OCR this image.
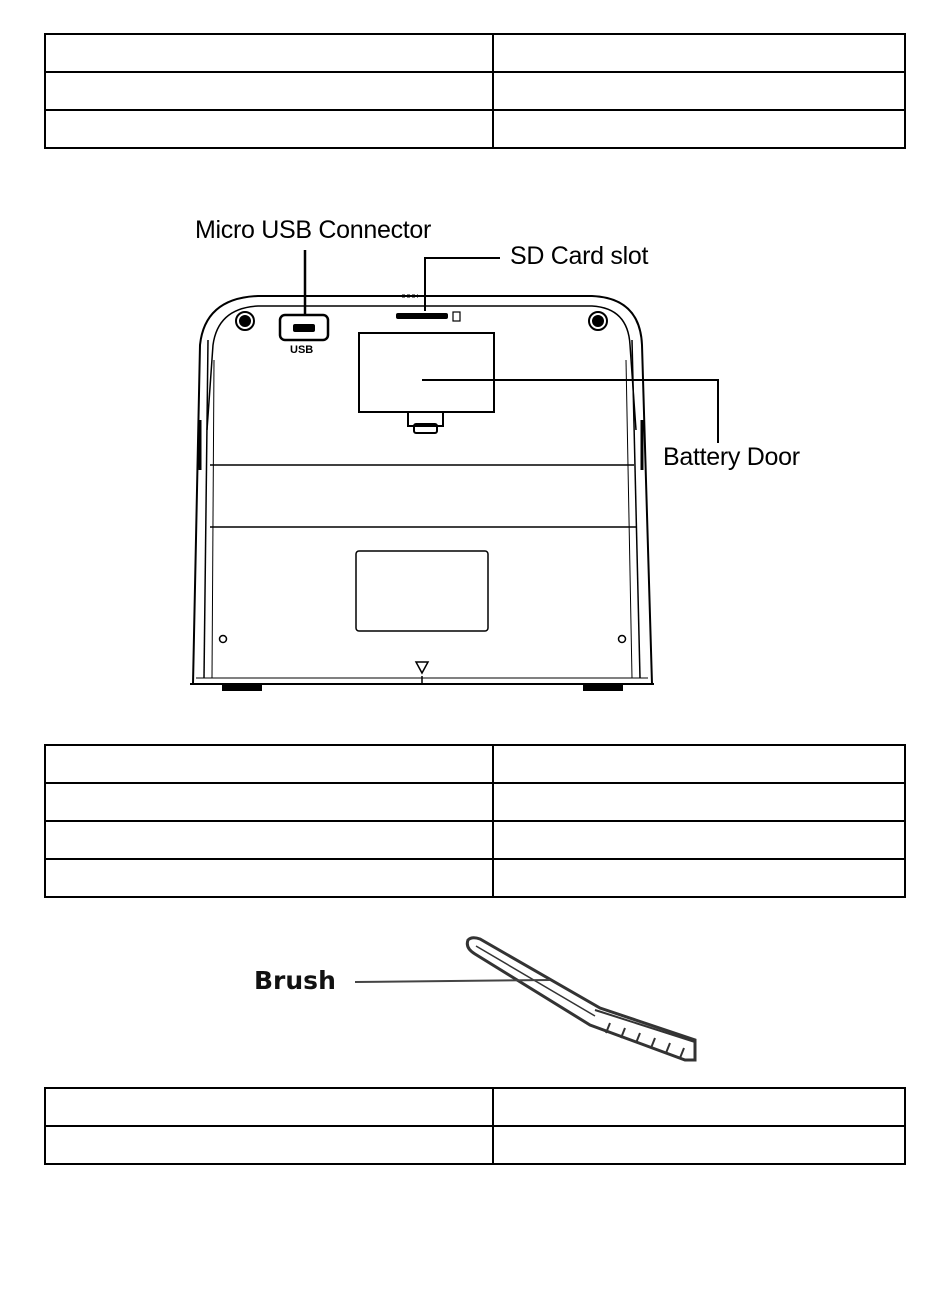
Micro USB Connector
SD Card slot
Battery Door
USB

Brush
